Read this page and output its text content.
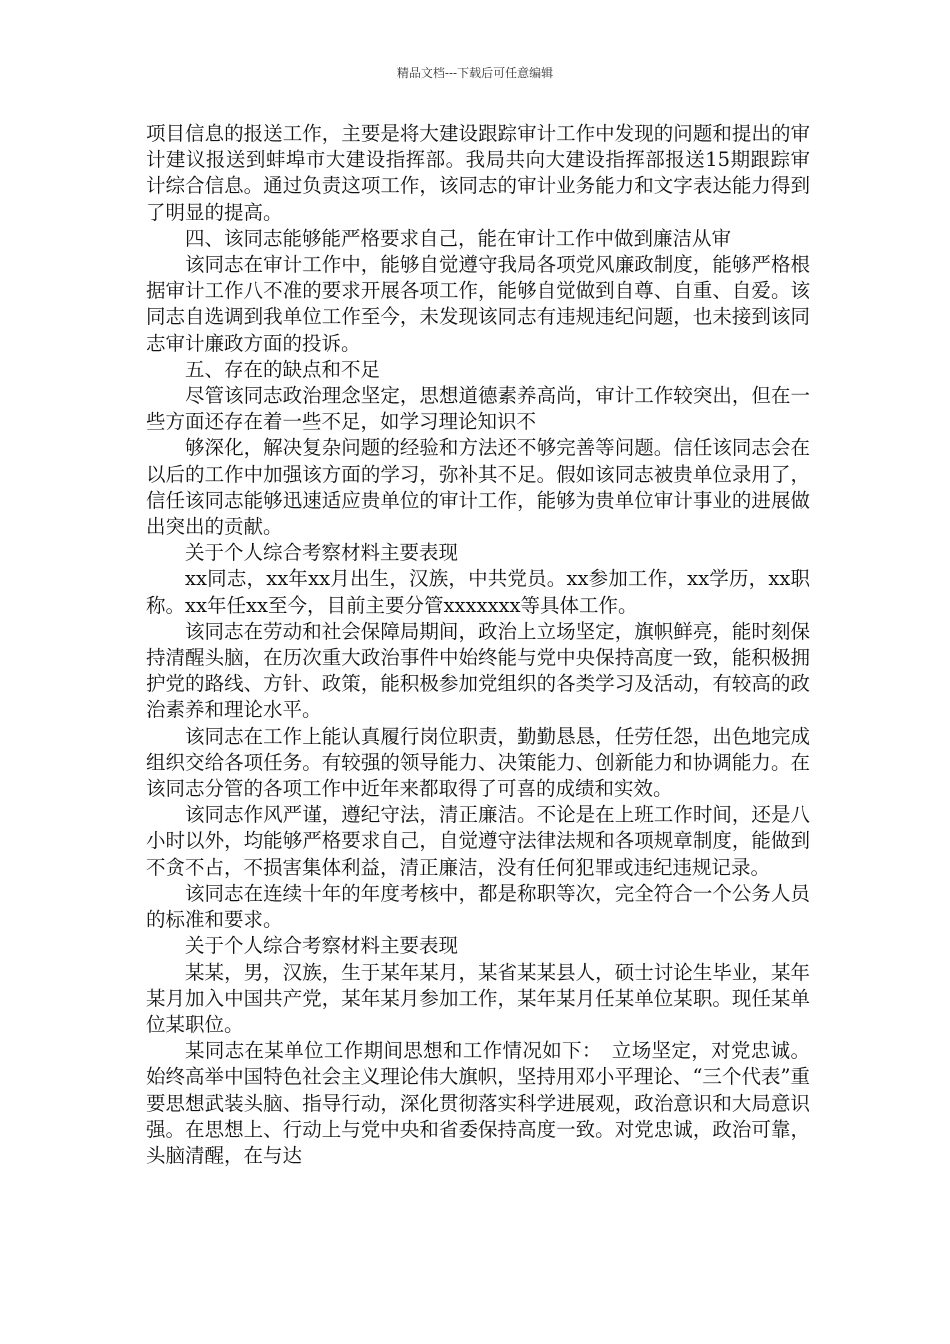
精品文档---下载后可任意编辑

项目信息的报送工作，主要是将大建设跟踪审计工作中发现的问题和提出的审计建议报送到蚌埠市大建设指挥部。我局共向大建设指挥部报送15期跟踪审计综合信息。通过负责这项工作，该同志的审计业务能力和文字表达能力得到了明显的提高。

四、该同志能够能严格要求自己，能在审计工作中做到廉洁从审

该同志在审计工作中，能够自觉遵守我局各项党风廉政制度，能够严格根据审计工作八不准的要求开展各项工作，能够自觉做到自尊、自重、自爱。该同志自选调到我单位工作至今，未发现该同志有违规违纪问题，也未接到该同志审计廉政方面的投诉。

五、存在的缺点和不足

尽管该同志政治理念坚定，思想道德素养高尚，审计工作较突出，但在一些方面还存在着一些不足，如学习理论知识不

够深化，解决复杂问题的经验和方法还不够完善等问题。信任该同志会在以后的工作中加强该方面的学习，弥补其不足。假如该同志被贵单位录用了，信任该同志能够迅速适应贵单位的审计工作，能够为贵单位审计事业的进展做出突出的贡献。

关于个人综合考察材料主要表现

xx同志，xx年xx月出生，汉族，中共党员。xx参加工作，xx学历，xx职称。xx年任xx至今，目前主要分管xxxxxxx等具体工作。

该同志在劳动和社会保障局期间，政治上立场坚定，旗帜鲜亮，能时刻保持清醒头脑，在历次重大政治事件中始终能与党中央保持高度一致，能积极拥护党的路线、方针、政策，能积极参加党组织的各类学习及活动，有较高的政治素养和理论水平。

该同志在工作上能认真履行岗位职责，勤勤恳恳，任劳任怨，出色地完成组织交给各项任务。有较强的领导能力、决策能力、创新能力和协调能力。在该同志分管的各项工作中近年来都取得了可喜的成绩和实效。

该同志作风严谨，遵纪守法，清正廉洁。不论是在上班工作时间，还是八小时以外，均能够严格要求自己，自觉遵守法律法规和各项规章制度，能做到不贪不占，不损害集体利益，清正廉洁，没有任何犯罪或违纪违规记录。

该同志在连续十年的年度考核中，都是称职等次，完全符合一个公务人员的标准和要求。

关于个人综合考察材料主要表现

某某，男，汉族，生于某年某月，某省某某县人，硕士讨论生毕业，某年某月加入中国共产党，某年某月参加工作，某年某月任某单位某职。现任某单位某职位。

某同志在某单位工作期间思想和工作情况如下：　立场坚定，对党忠诚。始终高举中国特色社会主义理论伟大旗帜，坚持用邓小平理论、“三个代表”重要思想武装头脑、指导行动，深化贯彻落实科学进展观，政治意识和大局意识强。在思想上、行动上与党中央和省委保持高度一致。对党忠诚，政治可靠，头脑清醒，在与达
